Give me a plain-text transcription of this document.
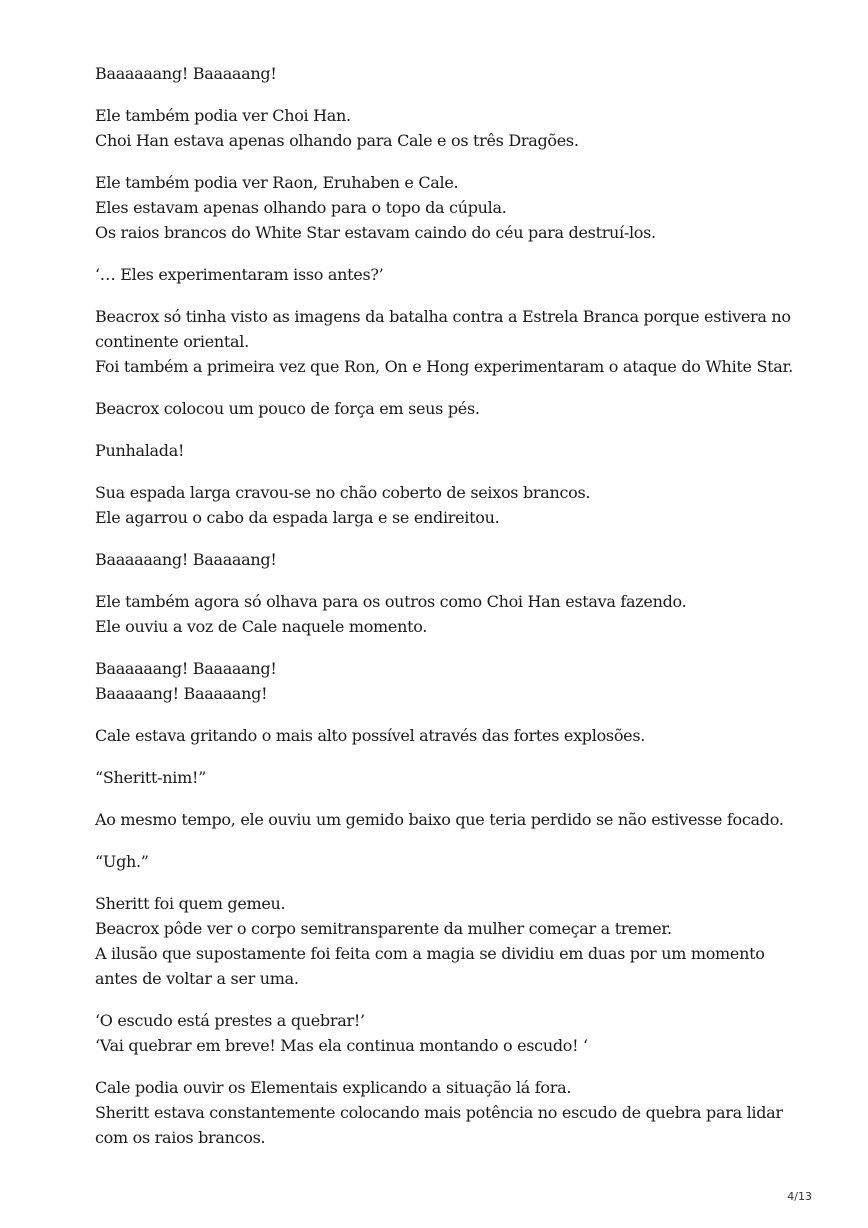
Baaaaaang! Baaaaang!
Ele também podia ver Choi Han.
Choi Han estava apenas olhando para Cale e os três Dragões.
Ele também podia ver Raon, Eruhaben e Cale.
Eles estavam apenas olhando para o topo da cúpula.
Os raios brancos do White Star estavam caindo do céu para destruí-los.
‘… Eles experimentaram isso antes?’
Beacrox só tinha visto as imagens da batalha contra a Estrela Branca porque estivera no
continente oriental.
Foi também a primeira vez que Ron, On e Hong experimentaram o ataque do White Star.
Beacrox colocou um pouco de força em seus pés.
Punhalada!
Sua espada larga cravou-se no chão coberto de seixos brancos.
Ele agarrou o cabo da espada larga e se endireitou.
Baaaaaang! Baaaaang!
Ele também agora só olhava para os outros como Choi Han estava fazendo.
Ele ouviu a voz de Cale naquele momento.
Baaaaaang! Baaaaang!
Baaaaang! Baaaaang!
Cale estava gritando o mais alto possível através das fortes explosões.
“Sheritt-nim!”
Ao mesmo tempo, ele ouviu um gemido baixo que teria perdido se não estivesse focado.
“Ugh.”
Sheritt foi quem gemeu.
Beacrox pôde ver o corpo semitransparente da mulher começar a tremer.
A ilusão que supostamente foi feita com a magia se dividiu em duas por um momento
antes de voltar a ser uma.
‘O escudo está prestes a quebrar!’
‘Vai quebrar em breve! Mas ela continua montando o escudo! ‘
Cale podia ouvir os Elementais explicando a situação lá fora.
Sheritt estava constantemente colocando mais potência no escudo de quebra para lidar
com os raios brancos.
4/13
